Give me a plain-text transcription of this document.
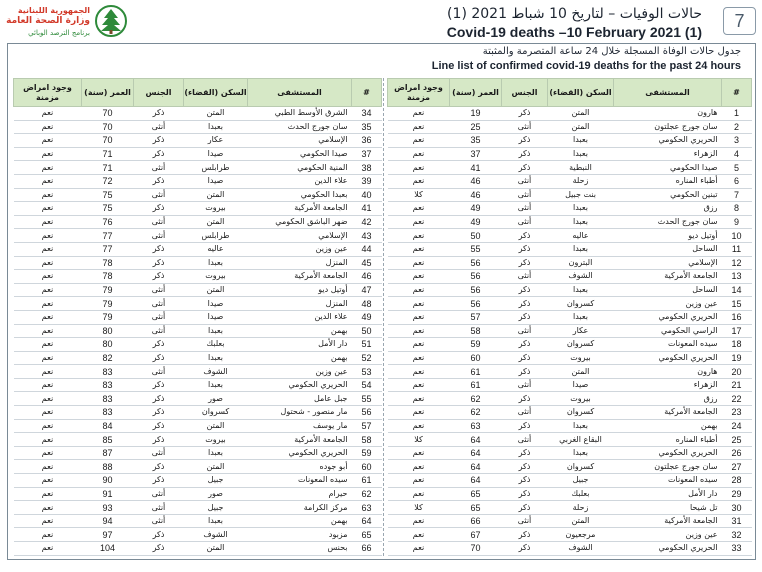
الجمهورية اللبنانية
وزارة الصحة العامة
برنامج الترصد الوبائي
حالات الوفيات – لتاريخ 10 شباط 2021 (1)
Covid-19 deaths –10 February 2021 (1)
7
جدول حالات الوفاة المسجلة خلال 24 ساعة المتصرمة والمثبتة
Line list of confirmed covid-19 deaths for the past 24 hours
وجود امراض مزمنة	العمر (سنة)	الجنس	السكن (القضاء)	المستشفى	#
نعم	70	ذكر	المتن	الشرق الأوسط الطبي	34
نعم	70	أنثى	بعبدا	سان جورج الحدث	35
نعم	70	ذكر	عكار	الإسلامي	36
نعم	71	ذكر	صيدا	صيدا الحكومي	37
نعم	71	أنثى	طرابلس	المنية الحكومي	38
نعم	72	ذكر	صيدا	علاء الدين	39
نعم	75	أنثى	المتن	بعبدا الحكومي	40
نعم	75	ذكر	بيروت	الجامعة الأمركية	41
نعم	76	أنثى	المتن	ضهر الباشق الحكومي	42
نعم	77	أنثى	طرابلس	الإسلامي	43
نعم	77	ذكر	عاليه	عين وزين	44
نعم	78	ذكر	بعبدا	المنزل	45
نعم	78	ذكر	بيروت	الجامعة الأمركية	46
نعم	79	أنثى	المتن	أوتيل ديو	47
نعم	79	أنثى	صيدا	المنزل	48
نعم	79	أنثى	صيدا	علاء الدين	49
نعم	80	أنثى	بعبدا	بهمن	50
نعم	80	ذكر	بعلبك	دار الأمل	51
نعم	82	ذكر	بعبدا	بهمن	52
نعم	83	أنثى	الشوف	عين وزين	53
نعم	83	ذكر	بعبدا	الحريري الحكومي	54
نعم	83	ذكر	صور	جبل عامل	55
نعم	83	ذكر	كسروان	مار منصور - شحتول	56
نعم	84	ذكر	المتن	مار يوسف	57
نعم	85	ذكر	بيروت	الجامعة الأمركية	58
نعم	87	أنثى	بعبدا	الحريري الحكومي	59
نعم	88	ذكر	المتن	أبو جوده	60
نعم	90	ذكر	جبيل	سيده المعونات	61
نعم	91	أنثى	صور	حيرام	62
نعم	93	أنثى	جبيل	مركز الكرامة	63
نعم	94	أنثى	بعبدا	بهمن	64
نعم	97	ذكر	الشوف	مزبود	65
نعم	104	ذكر	المتن	بحنس	66
وجود امراض مزمنة	العمر (سنة)	الجنس	السكن (القضاء)	المستشفى	#
نعم	19	ذكر	المتن	هارون	1
نعم	25	أنثى	المتن	سان جورج عجلتون	2
نعم	35	ذكر	بعبدا	الحريري الحكومي	3
نعم	37	ذكر	بعبدا	الزهراء	4
نعم	41	ذكر	النبطية	صيدا الحكومي	5
نعم	46	أنثى	زحلة	أطباء المناره	6
كلا	46	أنثى	بنت جبيل	تبنين الحكومي	7
نعم	49	أنثى	بعبدا	رزق	8
نعم	49	أنثى	بعبدا	سان جورج الحدث	9
نعم	50	ذكر	عاليه	أوتيل ديو	10
نعم	55	ذكر	بعبدا	الساحل	11
نعم	56	ذكر	البترون	الإسلامي	12
نعم	56	أنثى	الشوف	الجامعة الأمركية	13
نعم	56	ذكر	بعبدا	الساحل	14
نعم	56	ذكر	كسروان	عين وزين	15
نعم	57	ذكر	بعبدا	الحريري الحكومي	16
نعم	58	أنثى	عكار	الراسي الحكومي	17
نعم	59	ذكر	كسروان	سيده المعونات	18
نعم	60	ذكر	بيروت	الحريري الحكومي	19
نعم	61	ذكر	المتن	هارون	20
نعم	61	أنثى	صيدا	الزهراء	21
نعم	62	ذكر	بيروت	رزق	22
نعم	62	أنثى	كسروان	الجامعة الأمركية	23
نعم	63	ذكر	بعبدا	بهمن	24
كلا	64	أنثى	البقاع الغربي	أطباء المناره	25
نعم	64	ذكر	بعبدا	الحريري الحكومي	26
نعم	64	ذكر	كسروان	سان جورج عجلتون	27
نعم	64	ذكر	جبيل	سيده المعونات	28
نعم	65	ذكر	بعلبك	دار الأمل	29
كلا	65	ذكر	زحلة	تل شيحا	30
نعم	66	أنثى	المتن	الجامعة الأمركية	31
نعم	67	ذكر	مرجعيون	عين وزين	32
نعم	70	ذكر	الشوف	الحريري الحكومي	33
